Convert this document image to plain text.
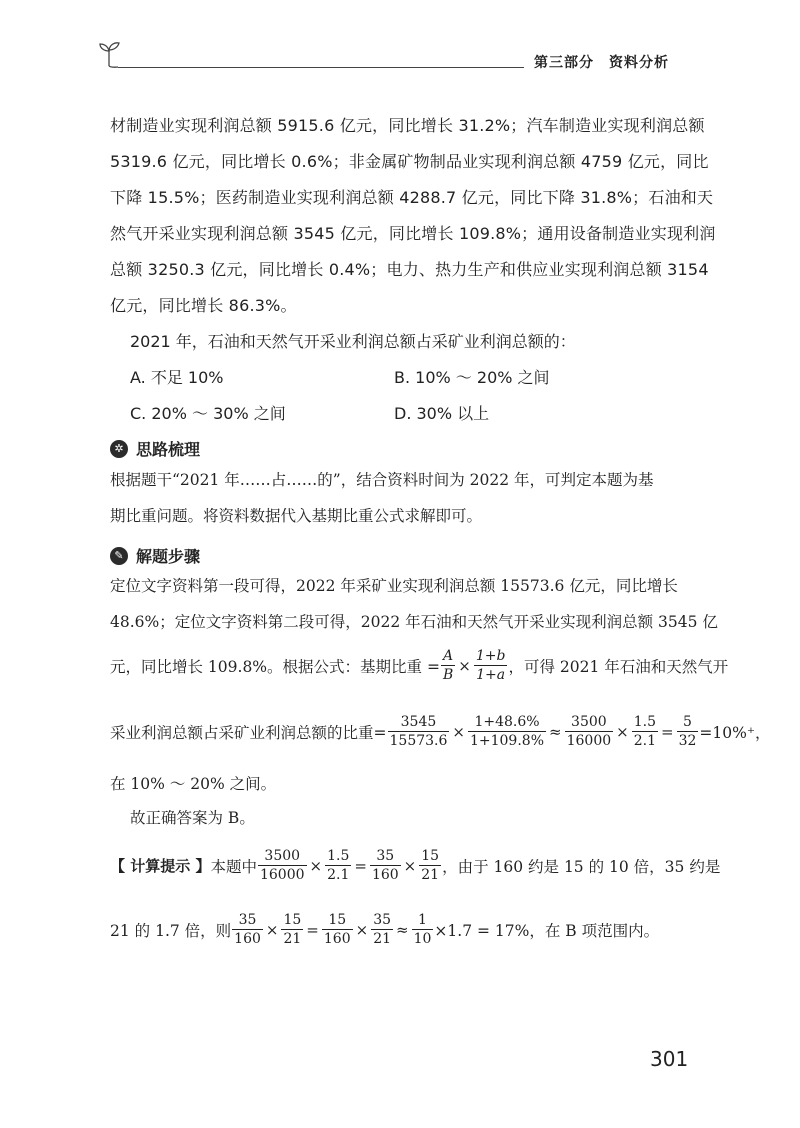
第三部分　资料分析
材制造业实现利润总额 5915.6 亿元，同比增长 31.2%；汽车制造业实现利润总额
5319.6 亿元，同比增长 0.6%；非金属矿物制品业实现利润总额 4759 亿元，同比
下降 15.5%；医药制造业实现利润总额 4288.7 亿元，同比下降 31.8%；石油和天
然气开采业实现利润总额 3545 亿元，同比增长 109.8%；通用设备制造业实现利润
总额 3250.3 亿元，同比增长 0.4%；电力、热力生产和供应业实现利润总额 3154
亿元，同比增长 86.3%。
2021 年，石油和天然气开采业利润总额占采矿业利润总额的：
A. 不足 10%	B. 10% ～ 20% 之间
C. 20% ～ 30% 之间	D. 30% 以上
✲ 思路梳理
根据题干“2021 年……占……的”，结合资料时间为 2022 年，可判定本题为基
期比重问题。将资料数据代入基期比重公式求解即可。
✎ 解题步骤
定位文字资料第一段可得，2022 年采矿业实现利润总额 15573.6 亿元，同比增长
48.6%；定位文字资料第二段可得，2022 年石油和天然气开采业实现利润总额 3545 亿
元，同比增长 109.8%。根据公式：基期比重 = $\frac{A}{B} \times \frac{1+b}{1+a}$ ，可得 2021 年石油和天然气开
采业利润总额占采矿业利润总额的比重= $\frac{3545}{15573.6} \times \frac{1+48.6\%}{1+109.8\%} \approx \frac{3500}{16000} \times \frac{1.5}{2.1} = \frac{5}{32} =10\%^+$，
在 10% ～ 20% 之间。
故正确答案为 B。
【 计算提示 】 本题中 $\frac{3500}{16000} \times \frac{1.5}{2.1} = \frac{35}{160} \times \frac{15}{21}$ ，由于 160 约是 15 的 10 倍，35 约是
21 的 1.7 倍，则 $\frac{35}{160} \times \frac{15}{21} = \frac{15}{160} \times \frac{35}{21} \approx \frac{1}{10} \times 1.7 = 17\%$，在 B 项范围内。
301
